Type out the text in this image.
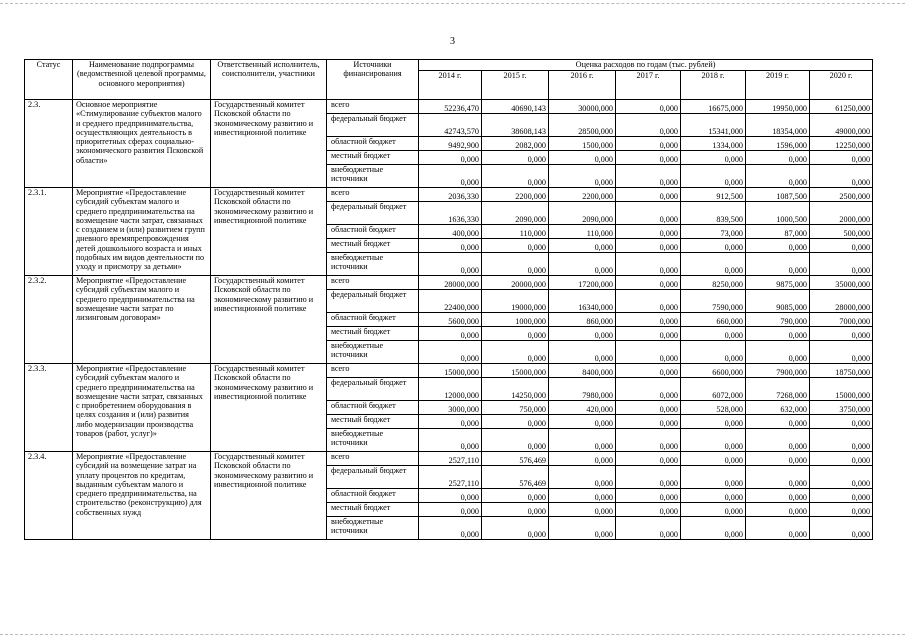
3
Статус	Наименование подпрограммы (ведомственной целевой программы, основного мероприятия)	Ответственный исполнитель, соисполнители, участники	Источники финансирования	Оценка расходов по годам (тыс. рублей)						
				2014 г.	2015 г.	2016 г.	2017 г.	2018 г.	2019 г.	2020 г.
2.3.	Основное мероприятие «Стимулирование субъектов малого и среднего предпринимательства, осуществляющих деятельность в приоритетных сферах социально-экономического развития Псковской области»	Государственный комитет Псковской области по экономическому развитию и инвестиционной политике	всего	52236,470	40690,143	30000,000	0,000	16675,000	19950,000	61250,000
			федеральный бюджет	42743,570	38608,143	28500,000	0,000	15341,000	18354,000	49000,000
			областной бюджет	9492,900	2082,000	1500,000	0,000	1334,000	1596,000	12250,000
			местный бюджет	0,000	0,000	0,000	0,000	0,000	0,000	0,000
			внебюджетные источники	0,000	0,000	0,000	0,000	0,000	0,000	0,000
2.3.1.	Мероприятие «Предоставление субсидий субъектам малого и среднего предпринимательства на возмещение части затрат, связанных с созданием и (или) развитием групп дневного времяпрепровождения детей дошкольного возраста и иных подобных им видов деятельности по уходу и присмотру за детьми»	Государственный комитет Псковской области по экономическому развитию и инвестиционной политике	всего	2036,330	2200,000	2200,000	0,000	912,500	1087,500	2500,000
			федеральный бюджет	1636,330	2090,000	2090,000	0,000	839,500	1000,500	2000,000
			областной бюджет	400,000	110,000	110,000	0,000	73,000	87,000	500,000
			местный бюджет	0,000	0,000	0,000	0,000	0,000	0,000	0,000
			внебюджетные источники	0,000	0,000	0,000	0,000	0,000	0,000	0,000
2.3.2.	Мероприятие «Предоставление субсидий субъектам малого и среднего предпринимательства на возмещение части затрат по лизинговым договорам»	Государственный комитет Псковской области по экономическому развитию и инвестиционной политике	всего	28000,000	20000,000	17200,000	0,000	8250,000	9875,000	35000,000
			федеральный бюджет	22400,000	19000,000	16340,000	0,000	7590,000	9085,000	28000,000
			областной бюджет	5600,000	1000,000	860,000	0,000	660,000	790,000	7000,000
			местный бюджет	0,000	0,000	0,000	0,000	0,000	0,000	0,000
			внебюджетные источники	0,000	0,000	0,000	0,000	0,000	0,000	0,000
2.3.3.	Мероприятие «Предоставление субсидий субъектам малого и среднего предпринимательства на возмещение части затрат, связанных с приобретением оборудования в целях создания и (или) развития либо модернизации производства товаров (работ, услуг)»	Государственный комитет Псковской области по экономическому развитию и инвестиционной политике	всего	15000,000	15000,000	8400,000	0,000	6600,000	7900,000	18750,000
			федеральный бюджет	12000,000	14250,000	7980,000	0,000	6072,000	7268,000	15000,000
			областной бюджет	3000,000	750,000	420,000	0,000	528,000	632,000	3750,000
			местный бюджет	0,000	0,000	0,000	0,000	0,000	0,000	0,000
			внебюджетные источники	0,000	0,000	0,000	0,000	0,000	0,000	0,000
2.3.4.	Мероприятие «Предоставление субсидий на возмещение затрат на уплату процентов по кредитам, выданным субъектам малого и среднего предпринимательства, на строительство (реконструкцию) для собственных нужд	Государственный комитет Псковской области по экономическому развитию и инвестиционной политике	всего	2527,110	576,469	0,000	0,000	0,000	0,000	0,000
			федеральный бюджет	2527,110	576,469	0,000	0,000	0,000	0,000	0,000
			областной бюджет	0,000	0,000	0,000	0,000	0,000	0,000	0,000
			местный бюджет	0,000	0,000	0,000	0,000	0,000	0,000	0,000
			внебюджетные источники	0,000	0,000	0,000	0,000	0,000	0,000	0,000
